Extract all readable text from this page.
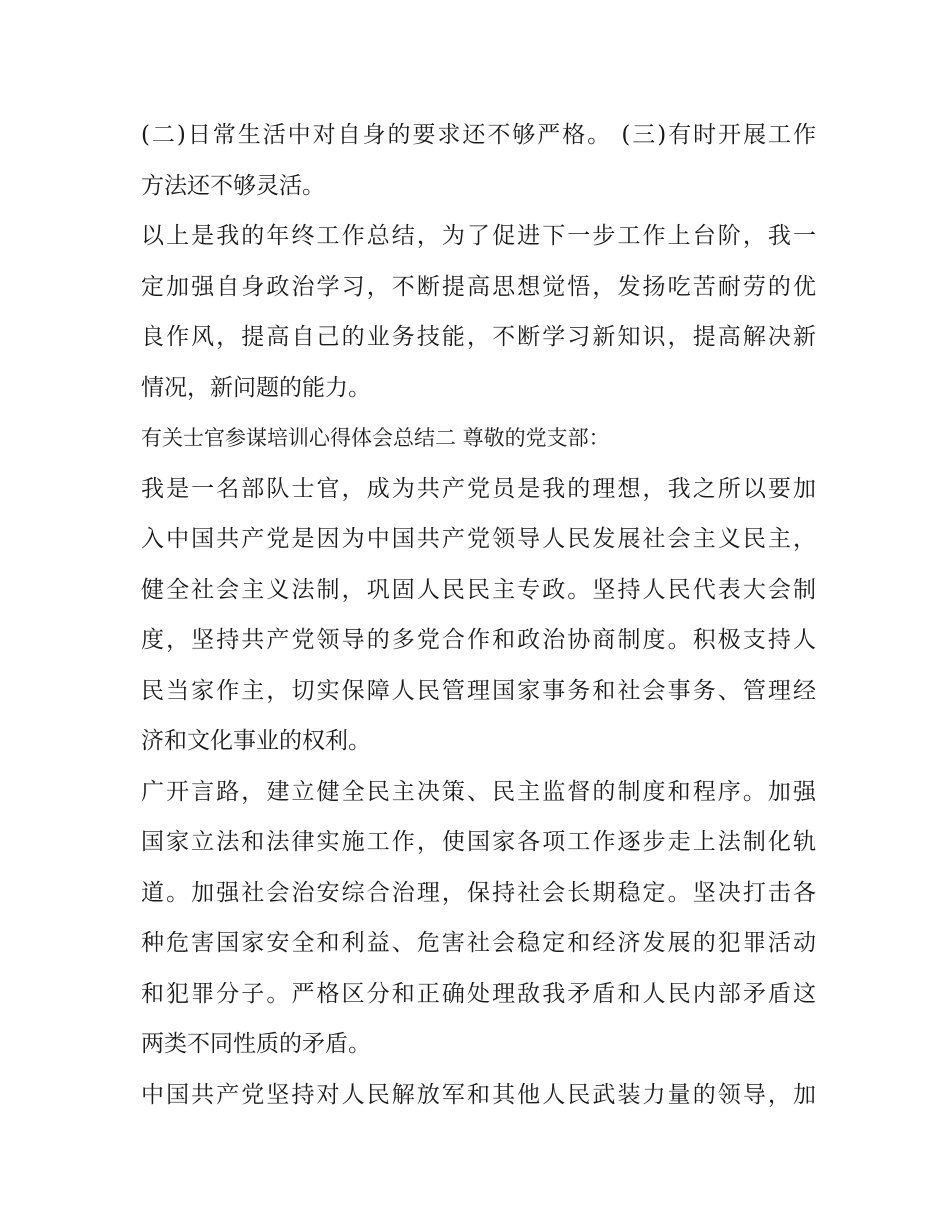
(二)日常生活中对自身的要求还不够严格。 (三)有时开展工作
方法还不够灵活。
以上是我的年终工作总结，为了促进下一步工作上台阶，我一
定加强自身政治学习，不断提高思想觉悟，发扬吃苦耐劳的优
良作风，提高自己的业务技能，不断学习新知识，提高解决新
情况，新问题的能力。
有关士官参谋培训心得体会总结二 尊敬的党支部：
我是一名部队士官，成为共产党员是我的理想，我之所以要加
入中国共产党是因为中国共产党领导人民发展社会主义民主，
健全社会主义法制，巩固人民民主专政。坚持人民代表大会制
度，坚持共产党领导的多党合作和政治协商制度。积极支持人
民当家作主，切实保障人民管理国家事务和社会事务、管理经
济和文化事业的权利。
广开言路，建立健全民主决策、民主监督的制度和程序。加强
国家立法和法律实施工作，使国家各项工作逐步走上法制化轨
道。加强社会治安综合治理，保持社会长期稳定。坚决打击各
种危害国家安全和利益、危害社会稳定和经济发展的犯罪活动
和犯罪分子。严格区分和正确处理敌我矛盾和人民内部矛盾这
两类不同性质的矛盾。
中国共产党坚持对人民解放军和其他人民武装力量的领导，加
